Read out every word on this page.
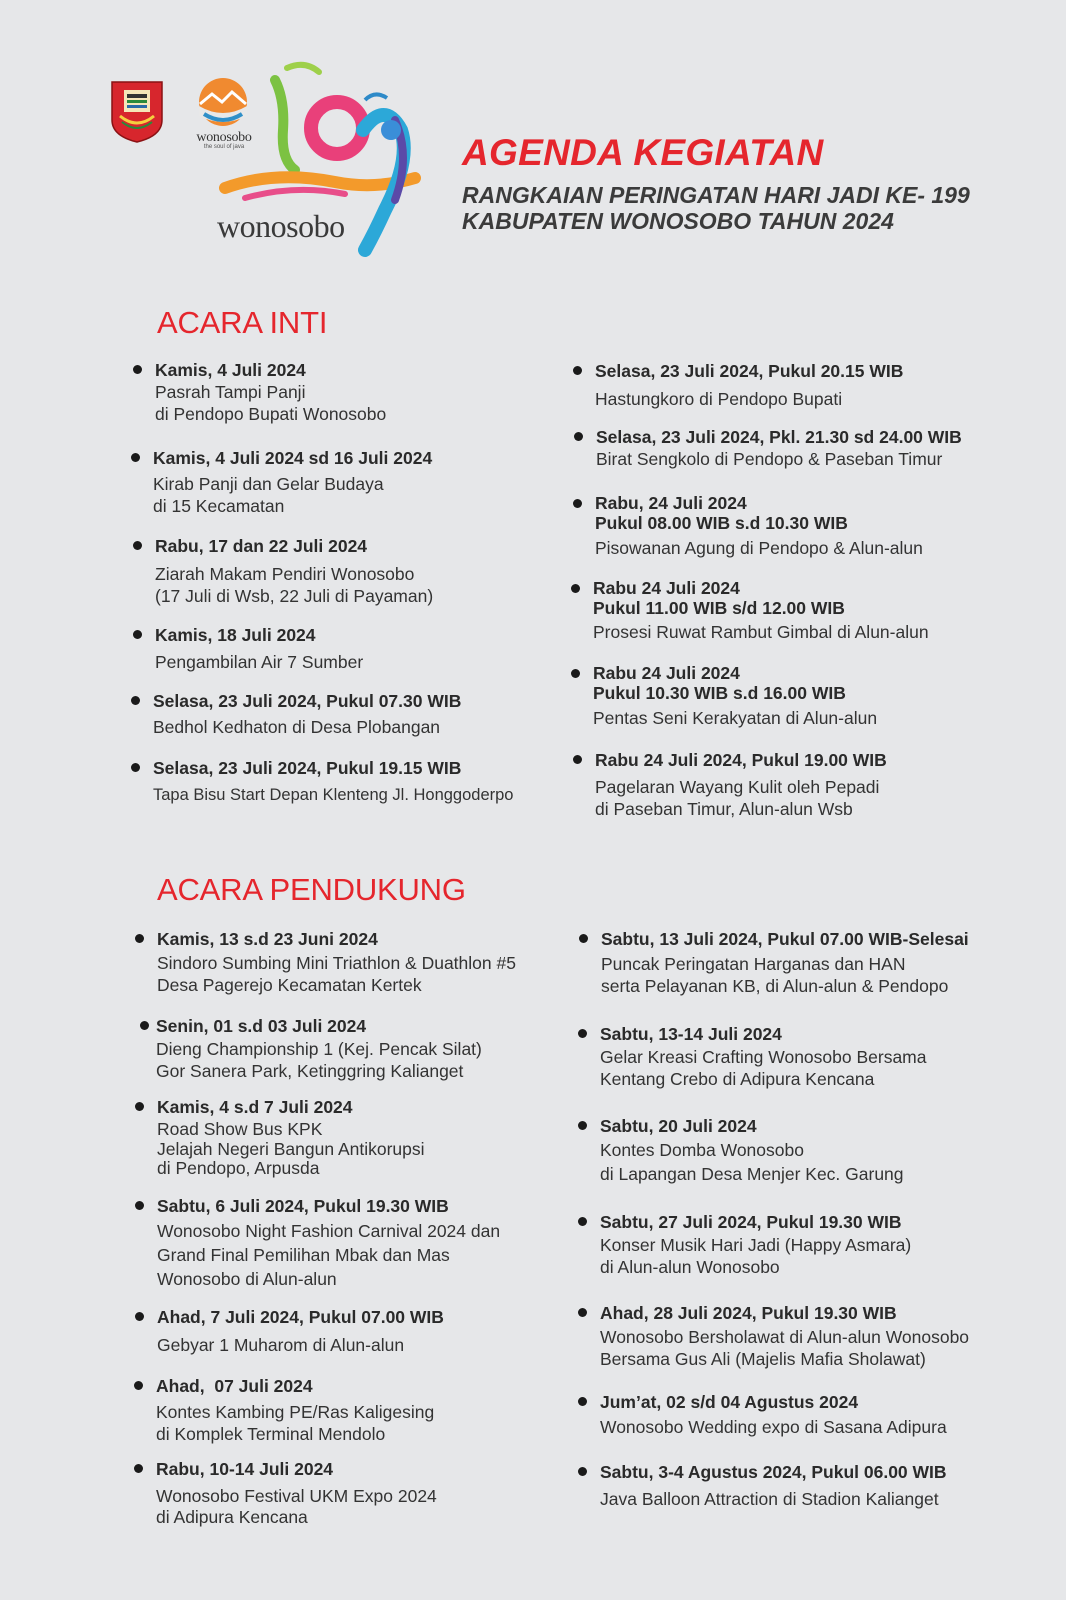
wonosobo
the soul of java
wonosobo
AGENDA KEGIATAN
RANGKAIAN PERINGATAN HARI JADI KE- 199
KABUPATEN WONOSOBO TAHUN 2024
ACARA INTI
Kamis, 4 Juli 2024
Pasrah Tampi Panji
di Pendopo Bupati Wonosobo
Kamis, 4 Juli 2024 sd 16 Juli 2024
Kirab Panji dan Gelar Budaya
di 15 Kecamatan
Rabu, 17 dan 22 Juli 2024
Ziarah Makam Pendiri Wonosobo
(17 Juli di Wsb, 22 Juli di Payaman)
Kamis, 18 Juli 2024
Pengambilan Air 7 Sumber
Selasa, 23 Juli 2024, Pukul 07.30 WIB
Bedhol Kedhaton di Desa Plobangan
Selasa, 23 Juli 2024, Pukul 19.15 WIB
Tapa Bisu Start Depan Klenteng Jl. Honggoderpo
Selasa, 23 Juli 2024, Pukul 20.15 WIB
Hastungkoro di Pendopo Bupati
Selasa, 23 Juli 2024, Pkl. 21.30 sd 24.00 WIB
Birat Sengkolo di Pendopo & Paseban Timur
Rabu, 24 Juli 2024
Pukul 08.00 WIB s.d 10.30 WIB
Pisowanan Agung di Pendopo & Alun-alun
Rabu 24 Juli 2024
Pukul 11.00 WIB s/d 12.00 WIB
Prosesi Ruwat Rambut Gimbal di Alun-alun
Rabu 24 Juli 2024
Pukul 10.30 WIB s.d 16.00 WIB
Pentas Seni Kerakyatan di Alun-alun
Rabu 24 Juli 2024, Pukul 19.00 WIB
Pagelaran Wayang Kulit oleh Pepadi
di Paseban Timur, Alun-alun Wsb
ACARA PENDUKUNG
Kamis, 13 s.d 23 Juni 2024
Sindoro Sumbing Mini Triathlon & Duathlon #5
Desa Pagerejo Kecamatan Kertek
Senin, 01 s.d 03 Juli 2024
Dieng Championship 1 (Kej. Pencak Silat)
Gor Sanera Park, Ketinggring Kalianget
Kamis, 4 s.d 7 Juli 2024
Road Show Bus KPK
Jelajah Negeri Bangun Antikorupsi
di Pendopo, Arpusda
Sabtu, 6 Juli 2024, Pukul 19.30 WIB
Wonosobo Night Fashion Carnival 2024 dan
Grand Final Pemilihan Mbak dan Mas
Wonosobo di Alun-alun
Ahad, 7 Juli 2024, Pukul 07.00 WIB
Gebyar 1 Muharom di Alun-alun
Ahad,  07 Juli 2024
Kontes Kambing PE/Ras Kaligesing
di Komplek Terminal Mendolo
Rabu, 10-14 Juli 2024
Wonosobo Festival UKM Expo 2024
di Adipura Kencana
Sabtu, 13 Juli 2024, Pukul 07.00 WIB-Selesai
Puncak Peringatan Harganas dan HAN
serta Pelayanan KB, di Alun-alun & Pendopo
Sabtu, 13-14 Juli 2024
Gelar Kreasi Crafting Wonosobo Bersama
Kentang Crebo di Adipura Kencana
Sabtu, 20 Juli 2024
Kontes Domba Wonosobo
di Lapangan Desa Menjer Kec. Garung
Sabtu, 27 Juli 2024, Pukul 19.30 WIB
Konser Musik Hari Jadi (Happy Asmara)
di Alun-alun Wonosobo
Ahad, 28 Juli 2024, Pukul 19.30 WIB
Wonosobo Bersholawat di Alun-alun Wonosobo
Bersama Gus Ali (Majelis Mafia Sholawat)
Jum’at, 02 s/d 04 Agustus 2024
Wonosobo Wedding expo di Sasana Adipura
Sabtu, 3-4 Agustus 2024, Pukul 06.00 WIB
Java Balloon Attraction di Stadion Kalianget
